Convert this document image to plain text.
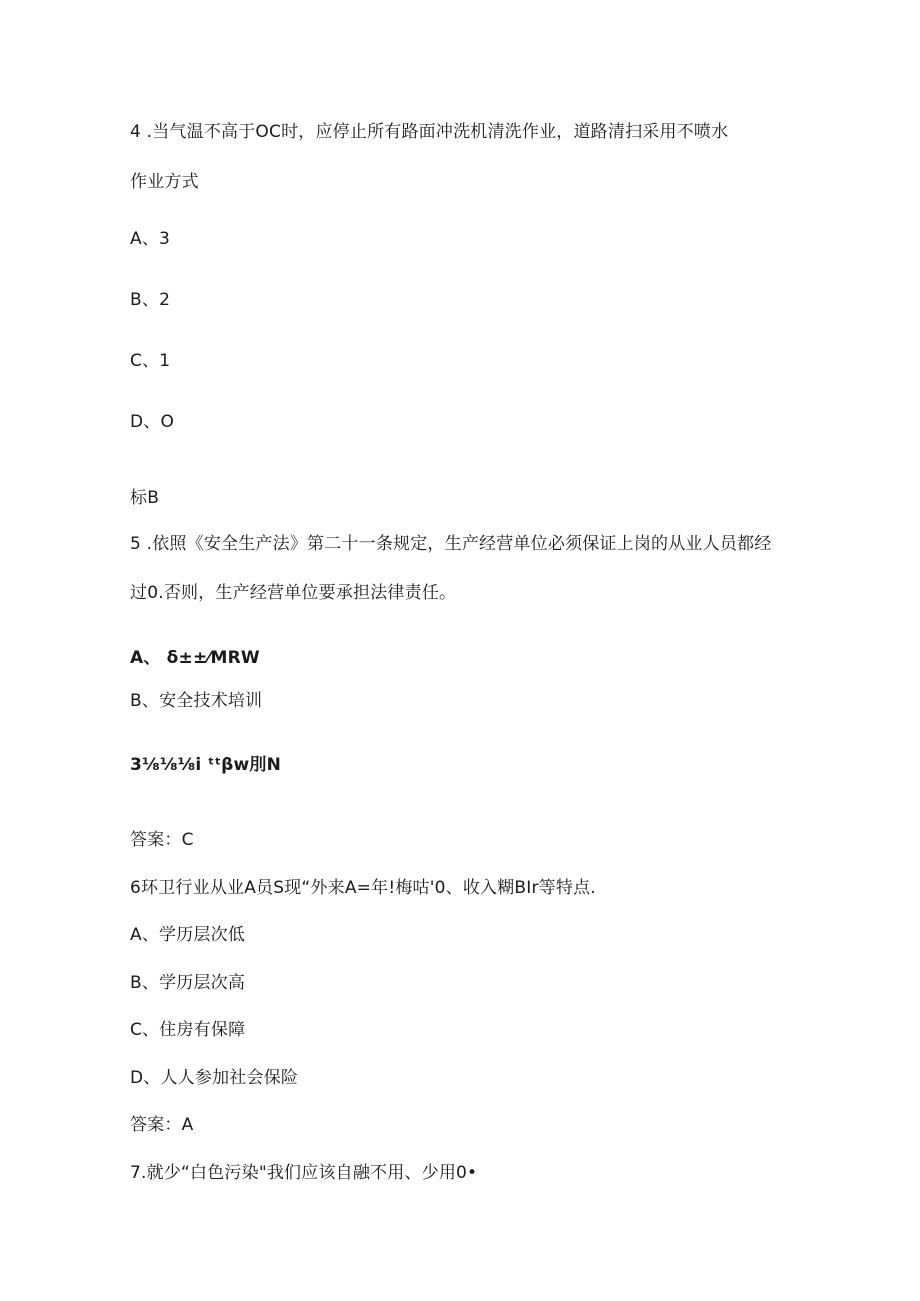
4 .当气温不高于OC时，应停止所有路面冲洗机清洗作业，道路清扫采用不喷水
作业方式
A、3
B、2
C、1
D、O
标B
5 .依照《安全生产法》第二十一条规定，生产经营单位必须保证上岗的从业人员都经
过0.否则，生产经营单位要承担法律责任。
A、 δ±±⁄MRW
B、安全技术培训
3⅛⅛⅛i ᵗᵗβw刖N
答案：C
6环卫行业从业A员S现“外来A=年!梅咕'0、收入糊BIr等特点.
A、学历层次低
B、学历层次高
C、住房有保障
D、人人参加社会保险
答案：A
7.就少“白色污染"我们应该自融不用、少用0•
